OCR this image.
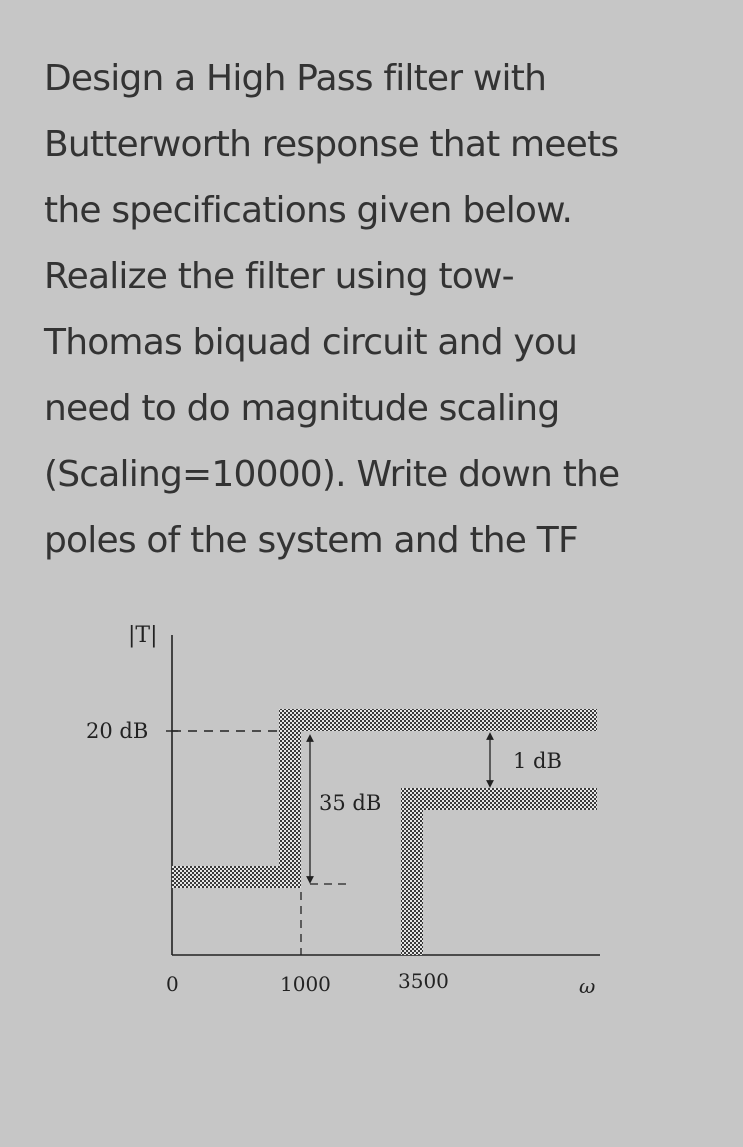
Design a High Pass filter with
Butterworth response that meets
the specifications given below.
Realize the filter using tow-
Thomas biquad circuit and you
need to do magnitude scaling
(Scaling=10000). Write down the
poles of the system and the TF
|T|
20 dB
35 dB
1 dB
0	1000	3500	ω
